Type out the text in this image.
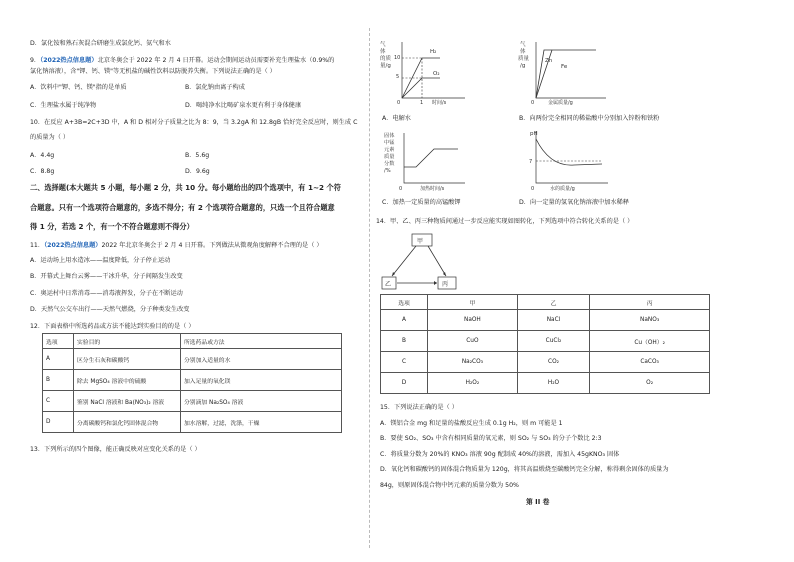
D．氯化铵和熟石灰混合研磨生成氯化钙、氨气和水
9．（2022热点信息题）北京冬奥会于 2022 年 2 月 4 日开幕。运动会期间运动员需要补充生理盐水（0.9%的
氯化钠溶液），含"钾、钙、镁"等无机盐的碱性饮料以防脱养失衡。下列说法正确的是（ ）
A．饮料中"钾、钙、镁"指的是单质	B．氯化钠由离子构成
C．生理盐水属于纯净物	D．喝纯净水比喝矿泉水更有利于身体健康
10．在反应 A+3B=2C+3D 中，A 和 D 相对分子质量之比为 8：9，当 3.2gA 和 12.8gB 恰好完全反应时，则生成 C
的质量为（ ）
A．4.4g	B．5.6g
C．8.8g	D．9.6g
二、选择题(本大题共 5 小题，每小题 2 分，共 10 分。每小题给出的四个选项中，有 1~2 个符
合题意。只有一个选项符合题意的，多选不得分；有 2 个选项符合题意的，只选一个且符合题意
得 1 分，若选 2 个，有一个不符合题意则不得分）
11．（2022热点信息题）2022 年北京冬奥会于 2 月 4 日开幕。下列做法从微观角度解释不合理的是（ ）
A．运动场上用水造冰——温度降低，分子停止运动
B．开幕式上舞台云雾——干冰升华，分子间隔发生改变
C．奥运村中日常消毒——消毒液挥发，分子在不断运动
D．天然气公交车出行——天然气燃烧，分子种类发生改变
12．下面表格中所选药品或方法不能达到实验目的的是（ ）
选项	实验目的	所选药品或方法
A	区分生石灰和碳酸钙	分别加入适量的水
B	除去 MgSO₄ 溶液中的硫酸	加入足量的氧化镁
C	鉴别 NaCl 溶液和 Ba(NO₃)₂ 溶液	分别滴加 Na₂SO₄ 溶液
D	分离碳酸钙和氯化钙固体混合物	加水溶解，过滤，洗涤，干燥
13．下列所示的四个图像，能正确反映对应变化关系的是（ ）
气
体
的质
量/g
10
5
0	1 时间/s
H₂
O₂
A．电解水
气
体
质量
/g
0	金属质量/g
Zn
Fe
B．向两份完全相同的稀盐酸中分别加入锌粉和铁粉
固体
中锰
元素
质量
分数
/%
0	加热时间/s
C．加热一定质量的高锰酸钾
pH
7
0	水的质量/g
D．向一定量的氢氧化钠溶液中加水稀释
14．甲、乙、丙三种物质间通过一步反应能实现如图转化，下列选项中符合转化关系的是（ ）
甲
乙	丙
选项	甲	乙	丙
A	NaOH	NaCl	NaNO₃
B	CuO	CuCl₂	Cu（OH）₂
C	Na₂CO₃	CO₂	CaCO₃
D	H₂O₂	H₂O	O₂
15．下列说法正确的是（ ）
A．镁铝合金 mg 和足量的盐酸反应生成 0.1g H₂，则 m 可能是 1
B．要使 SO₂、SO₃ 中含有相同质量的氧元素，则 SO₂ 与 SO₃ 的分子个数比 2:3
C．将质量分数为 20%的 KNO₃ 溶液 90g 配制成 40%的溶液，需加入 45gKNO₃ 固体
D．氧化钙和碳酸钙的固体混合物质量为 120g，将其高温煅烧至碳酸钙完全分解，称得剩余固体的质量为
84g，则原固体混合物中钙元素的质量分数为 50%
第 II 卷
